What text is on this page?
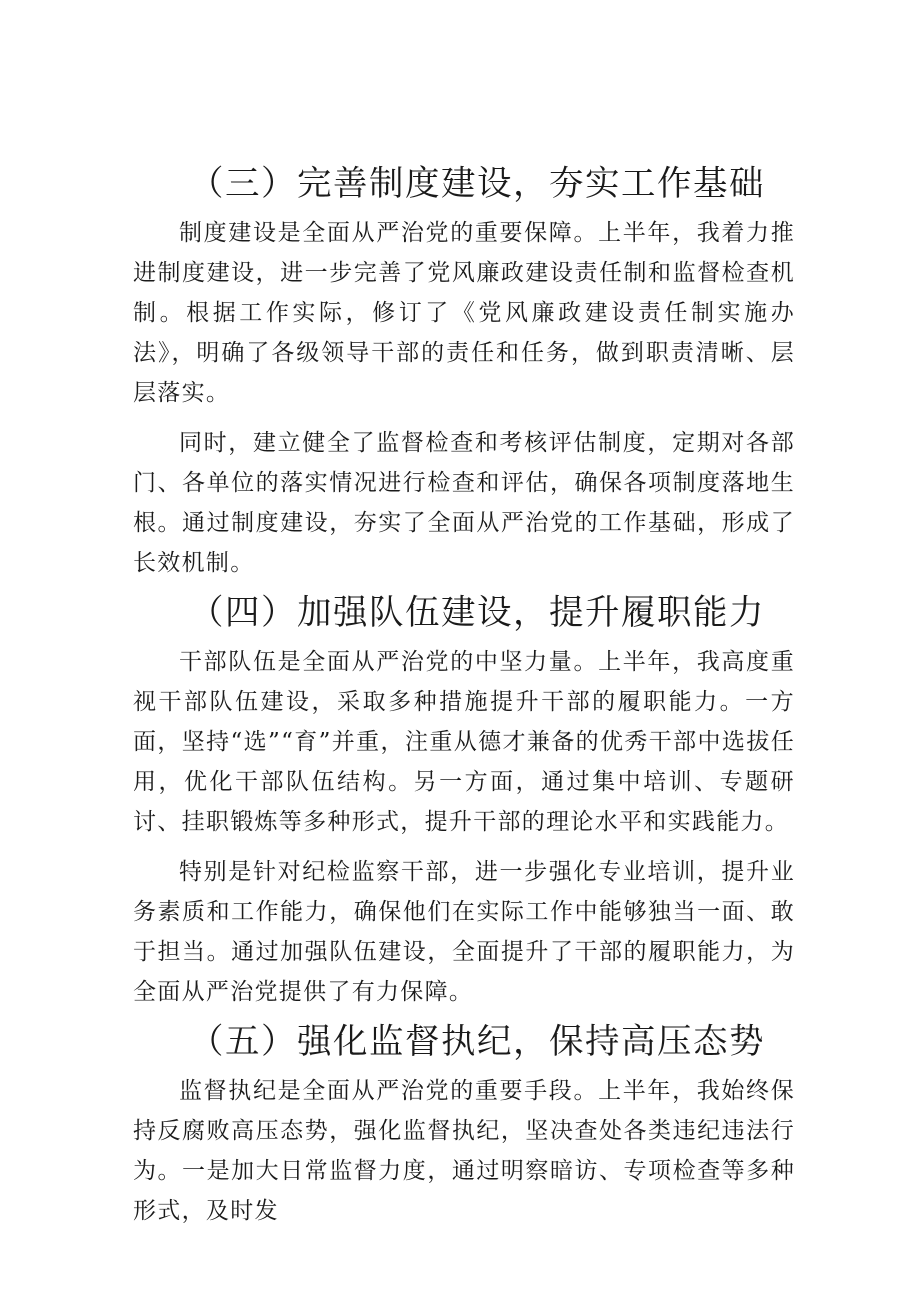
（三）完善制度建设，夯实工作基础

制度建设是全面从严治党的重要保障。上半年，我着力推进制度建设，进一步完善了党风廉政建设责任制和监督检查机制。根据工作实际，修订了《党风廉政建设责任制实施办法》，明确了各级领导干部的责任和任务，做到职责清晰、层层落实。

同时，建立健全了监督检查和考核评估制度，定期对各部门、各单位的落实情况进行检查和评估，确保各项制度落地生根。通过制度建设，夯实了全面从严治党的工作基础，形成了长效机制。

（四）加强队伍建设，提升履职能力

干部队伍是全面从严治党的中坚力量。上半年，我高度重视干部队伍建设，采取多种措施提升干部的履职能力。一方面，坚持“选”“育”并重，注重从德才兼备的优秀干部中选拔任用，优化干部队伍结构。另一方面，通过集中培训、专题研讨、挂职锻炼等多种形式，提升干部的理论水平和实践能力。

特别是针对纪检监察干部，进一步强化专业培训，提升业务素质和工作能力，确保他们在实际工作中能够独当一面、敢于担当。通过加强队伍建设，全面提升了干部的履职能力，为全面从严治党提供了有力保障。

（五）强化监督执纪，保持高压态势

监督执纪是全面从严治党的重要手段。上半年，我始终保持反腐败高压态势，强化监督执纪，坚决查处各类违纪违法行为。一是加大日常监督力度，通过明察暗访、专项检查等多种形式，及时发
